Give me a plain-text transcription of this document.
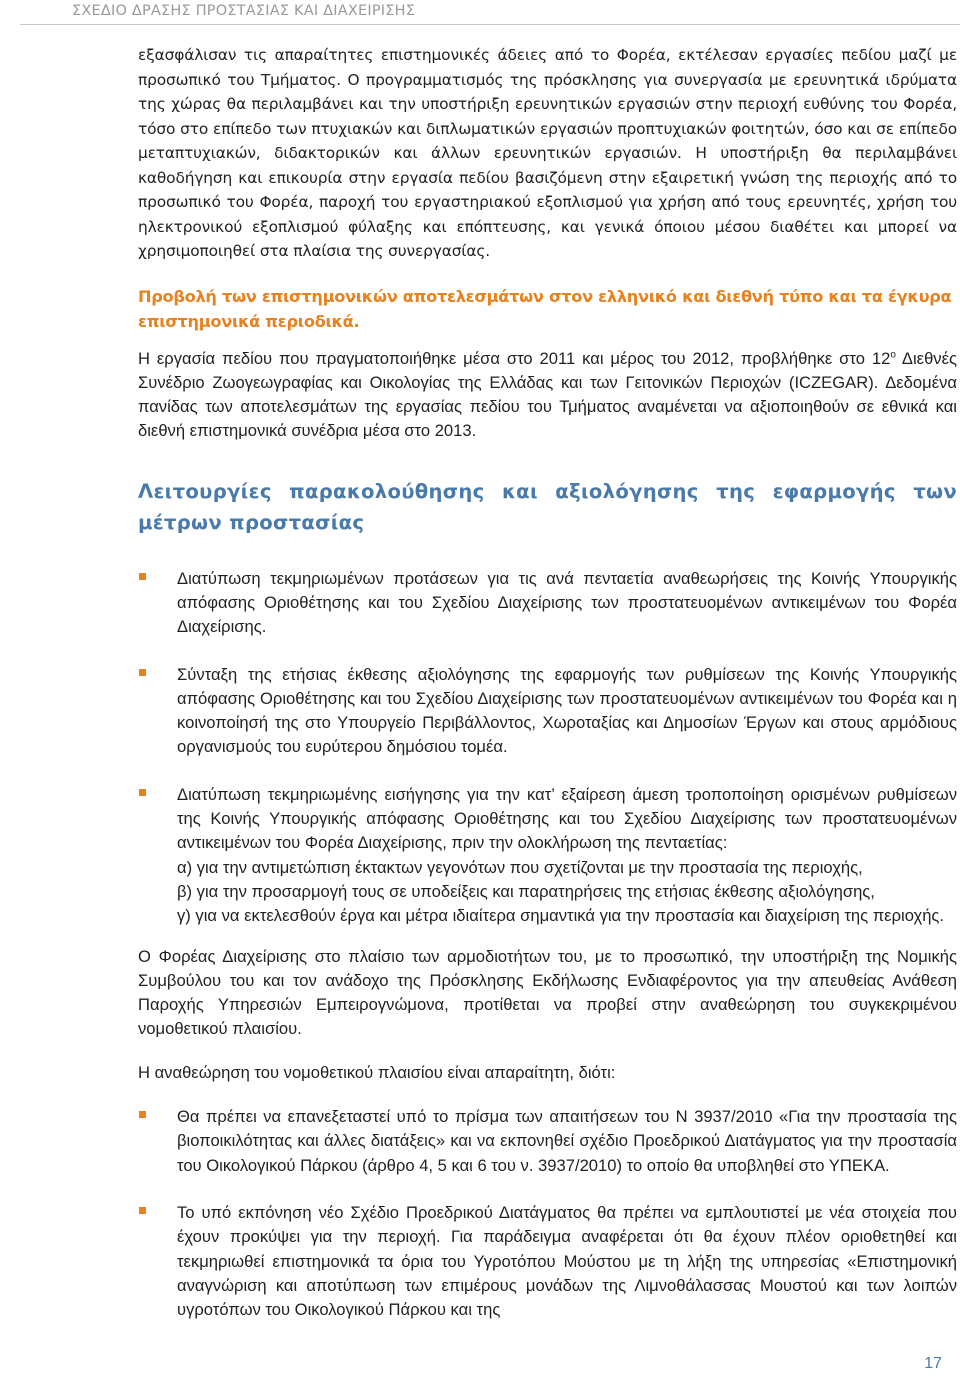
ΣΧΕΔΙΟ ΔΡΑΣΗΣ ΠΡΟΣΤΑΣΙΑΣ ΚΑΙ ΔΙΑΧΕΙΡΙΣΗΣ

εξασφάλισαν τις απαραίτητες επιστημονικές άδειες από το Φορέα, εκτέλεσαν εργασίες πεδίου μαζί με προσωπικό του Τμήματος. Ο προγραμματισμός της πρόσκλησης για συνεργασία με ερευνητικά ιδρύματα της χώρας θα περιλαμβάνει και την υποστήριξη ερευνητικών εργασιών στην περιοχή ευθύνης του Φορέα, τόσο στο επίπεδο των πτυχιακών και διπλωματικών εργασιών προπτυχιακών φοιτητών, όσο και σε επίπεδο μεταπτυχιακών, διδακτορικών και άλλων ερευνητικών εργασιών. Η υποστήριξη θα περιλαμβάνει καθοδήγηση και επικουρία στην εργασία πεδίου βασιζόμενη στην εξαιρετική γνώση της περιοχής από το προσωπικό του Φορέα, παροχή του εργαστηριακού εξοπλισμού για χρήση από τους ερευνητές, χρήση του ηλεκτρονικού εξοπλισμού φύλαξης και επόπτευσης, και γενικά όποιου μέσου διαθέτει και μπορεί να χρησιμοποιηθεί στα πλαίσια της συνεργασίας.

Προβολή των επιστημονικών αποτελεσμάτων στον ελληνικό και διεθνή τύπο και τα έγκυρα επιστημονικά περιοδικά.

Η εργασία πεδίου που πραγματοποιήθηκε μέσα στο 2011 και μέρος του 2012, προβλήθηκε στο $12^o$ Διεθνές Συνέδριο Ζωογεωγραφίας και Οικολογίας της Ελλάδας και των Γειτονικών Περιοχών (ICZEGAR). Δεδομένα πανίδας των αποτελεσμάτων της εργασίας πεδίου του Τμήματος αναμένεται να αξιοποιηθούν σε εθνικά και διεθνή επιστημονικά συνέδρια μέσα στο 2013.

Λειτουργίες παρακολούθησης και αξιολόγησης της εφαρμογής των μέτρων προστασίας
Διατύπωση τεκμηριωμένων προτάσεων για τις ανά πενταετία αναθεωρήσεις της Κοινής Υπουργικής απόφασης Οριοθέτησης και του Σχεδίου Διαχείρισης των προστατευομένων αντικειμένων του Φορέα Διαχείρισης.
Σύνταξη της ετήσιας έκθεσης αξιολόγησης της εφαρμογής των ρυθμίσεων της Κοινής Υπουργικής απόφασης Οριοθέτησης και του Σχεδίου Διαχείρισης των προστατευομένων αντικειμένων του Φορέα και η κοινοποίησή της στο Υπουργείο Περιβάλλοντος, Χωροταξίας και Δημοσίων Έργων και στους αρμόδιους οργανισμούς του ευρύτερου δημόσιου τομέα.
Διατύπωση τεκμηριωμένης εισήγησης για την κατ’ εξαίρεση άμεση τροποποίηση ορισμένων ρυθμίσεων της Κοινής Υπουργικής απόφασης Οριοθέτησης και του Σχεδίου Διαχείρισης των προστατευομένων αντικειμένων του Φορέα Διαχείρισης, πριν την ολοκλήρωση της πενταετίας:
α) για την αντιμετώπιση έκτακτων γεγονότων που σχετίζονται με την προστασία της περιοχής,
β) για την προσαρμογή τους σε υποδείξεις και παρατηρήσεις της ετήσιας έκθεσης αξιολόγησης,
γ) για να εκτελεσθούν έργα και μέτρα ιδιαίτερα σημαντικά για την προστασία και διαχείριση της περιοχής.

Ο Φορέας Διαχείρισης στο πλαίσιο των αρμοδιοτήτων του, με το προσωπικό, την υποστήριξη της Νομικής Συμβούλου του και τον ανάδοχο της Πρόσκλησης Εκδήλωσης Ενδιαφέροντος για την απευθείας Ανάθεση Παροχής Υπηρεσιών Εμπειρογνώμονα, προτίθεται να προβεί στην αναθεώρηση του συγκεκριμένου νομοθετικού πλαισίου.

Η αναθεώρηση του νομοθετικού πλαισίου είναι απαραίτητη, διότι:

Θα πρέπει να επανεξεταστεί υπό το πρίσμα των απαιτήσεων του Ν 3937/2010 «Για την προστασία της βιοποικιλότητας και άλλες διατάξεις» και να εκπονηθεί σχέδιο Προεδρικού Διατάγματος για την προστασία του Οικολογικού Πάρκου (άρθρο 4, 5 και 6 του ν. 3937/2010) το οποίο θα υποβληθεί στο ΥΠΕΚΑ.
Το υπό εκπόνηση νέο Σχέδιο Προεδρικού Διατάγματος θα πρέπει να εμπλουτιστεί με νέα στοιχεία που έχουν προκύψει για την περιοχή. Για παράδειγμα αναφέρεται ότι θα έχουν πλέον οριοθετηθεί και τεκμηριωθεί επιστημονικά τα όρια του Υγροτόπου Μούστου με τη λήξη της υπηρεσίας «Επιστημονική αναγνώριση και αποτύπωση των επιμέρους μονάδων της Λιμνοθάλασσας Μουστού και των λοιπών υγροτόπων του Οικολογικού Πάρκου και της
17
